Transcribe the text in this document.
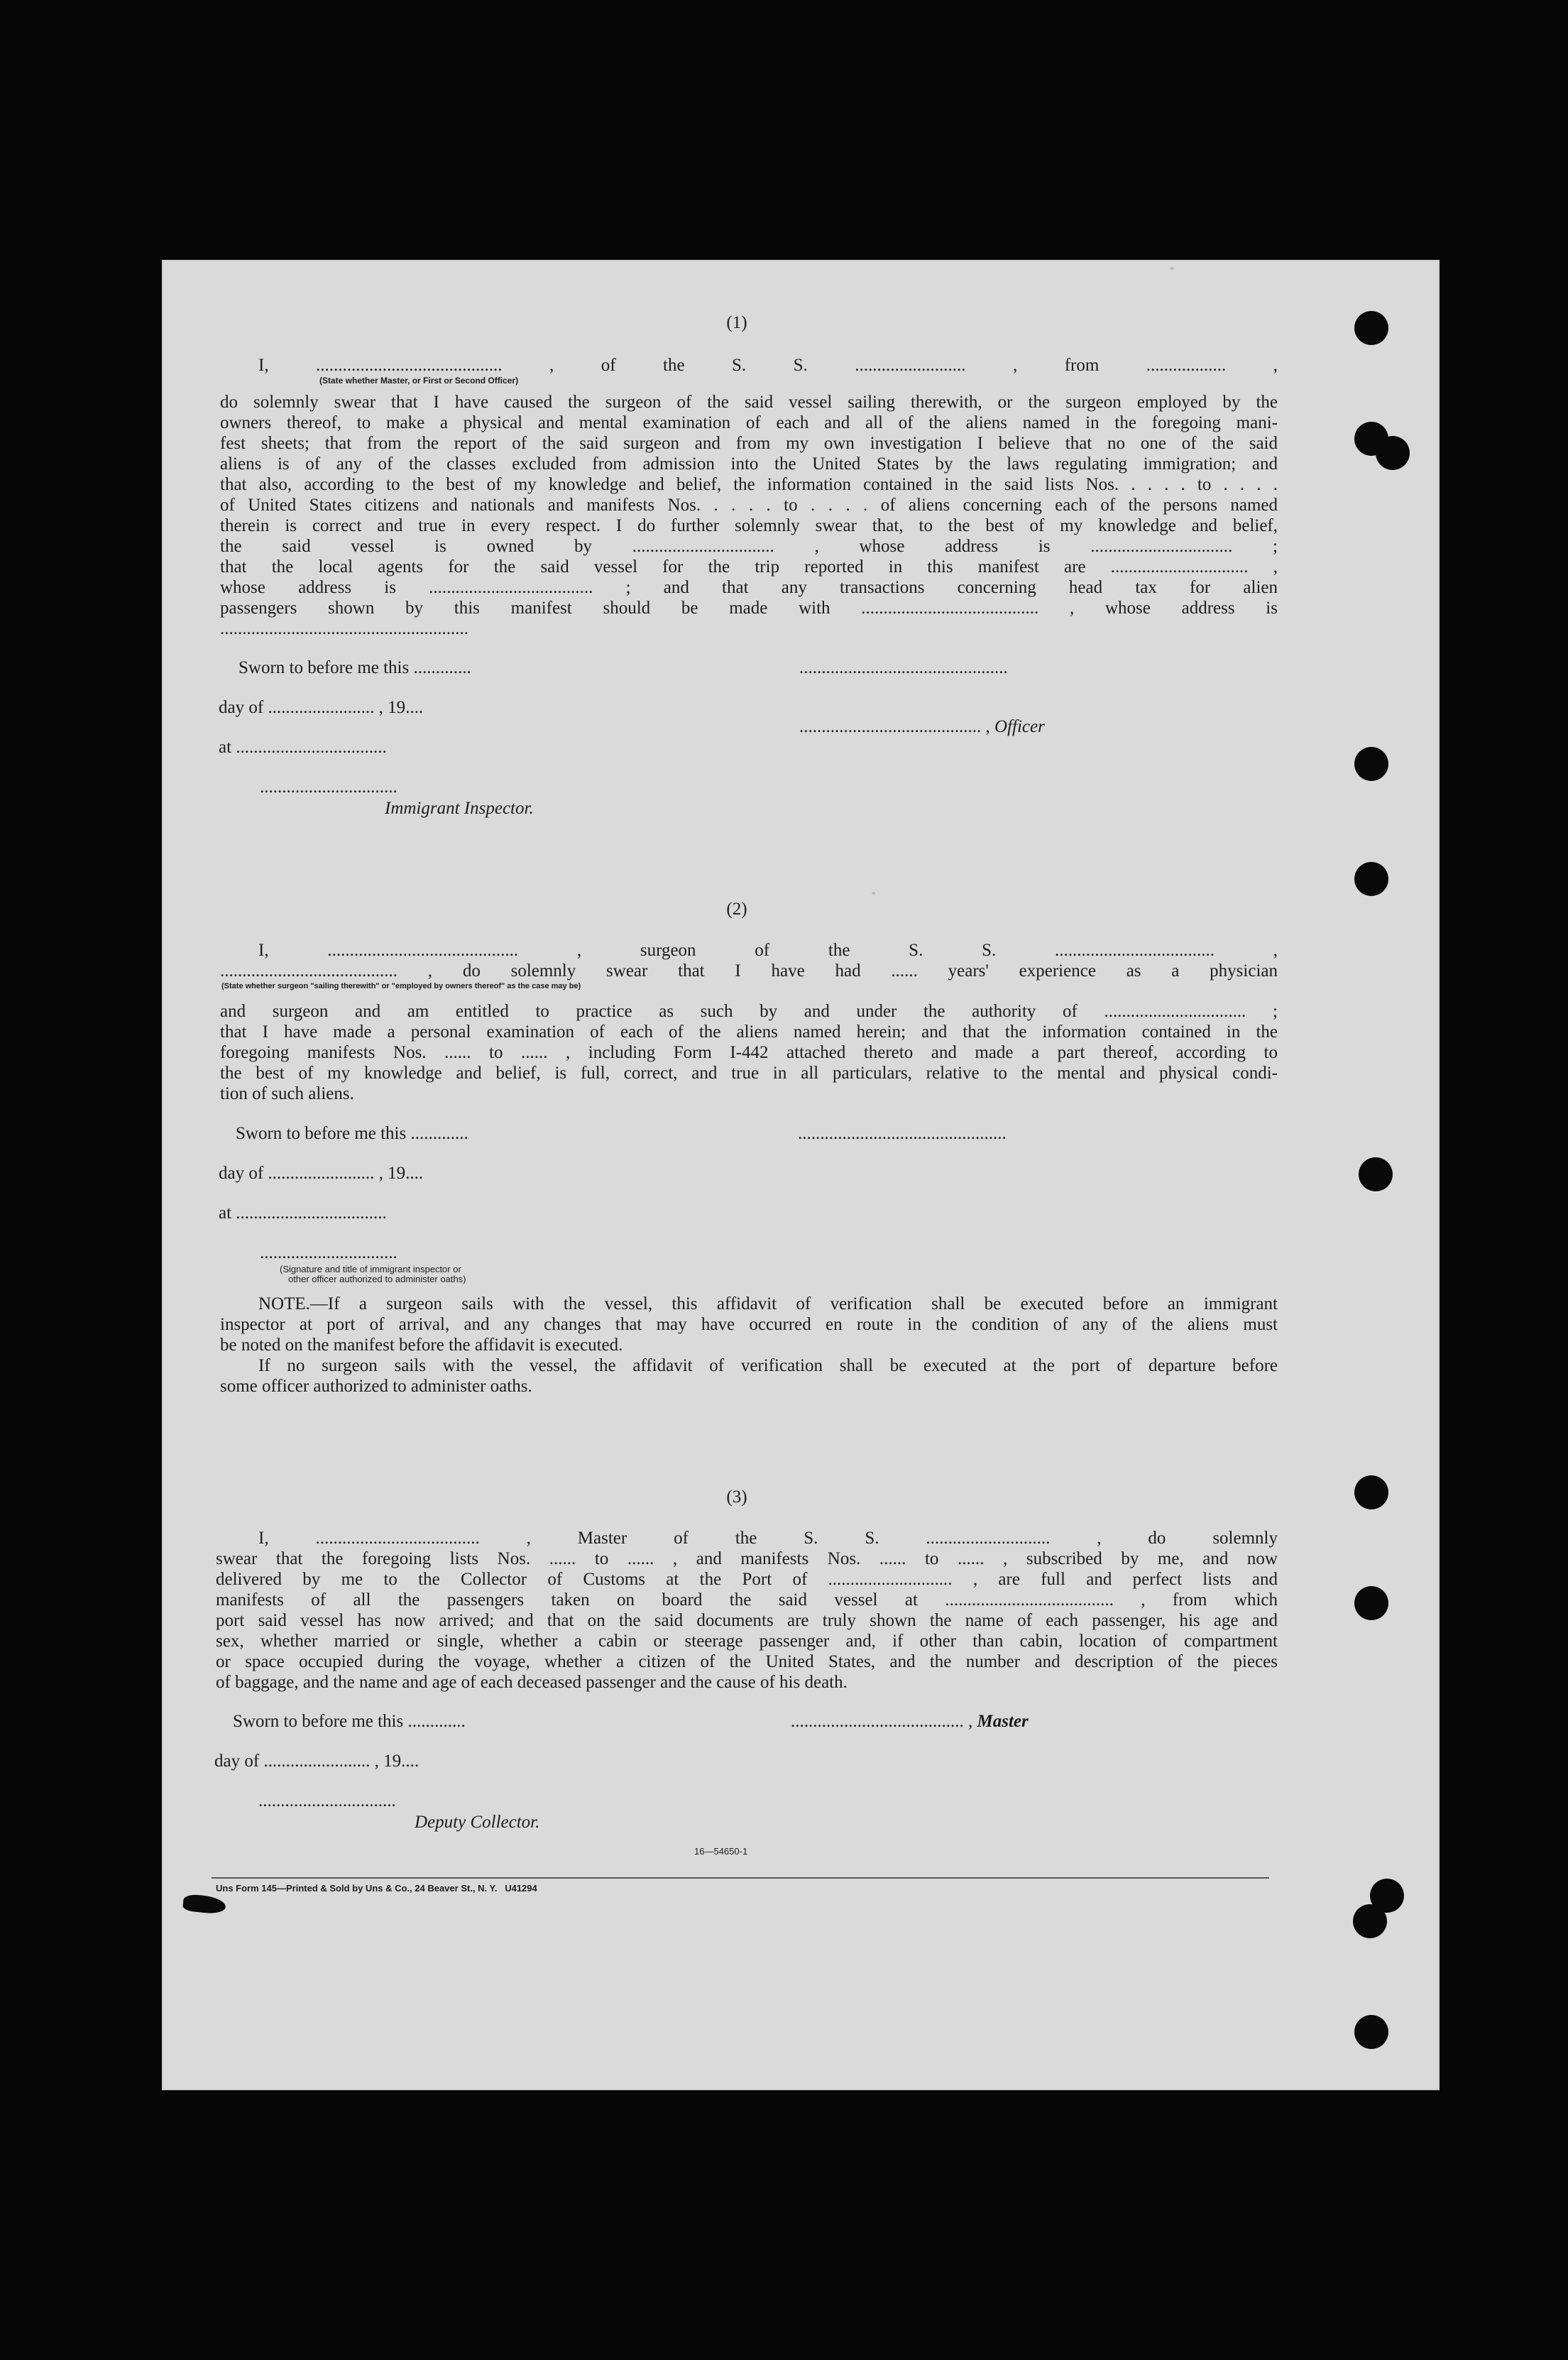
(1)
I, .......................................... , of the S. S. ......................... , from .................. ,
(State whether Master, or First or Second Officer)
do solemnly swear that I have caused the surgeon of the said vessel sailing therewith, or the surgeon employed by the
owners thereof, to make a physical and mental examination of each and all of the aliens named in the foregoing mani-
fest sheets; that from the report of the said surgeon and from my own investigation I believe that no one of the said
aliens is of any of the classes excluded from admission into the United States by the laws regulating immigration; and
that also, according to the best of my knowledge and belief, the information contained in the said lists Nos. . . . . to . . . .
of United States citizens and nationals and manifests Nos. . . . . to . . . . of aliens concerning each of the persons named
therein is correct and true in every respect. I do further solemnly swear that, to the best of my knowledge and belief,
the said vessel is owned by ................................ , whose address is ................................ ;
that the local agents for the said vessel for the trip reported in this manifest are ............................... ,
whose address is ..................................... ; and that any transactions concerning head tax for alien
passengers shown by this manifest should be made with ........................................ , whose address is
........................................................
Sworn to before me this .............	...............................................
day of ........................ , 19....
......................................... , Officer
at ..................................
...............................
Immigrant Inspector.
(2)
I, ........................................... , surgeon of the S. S. .................................... ,
........................................ , do solemnly swear that I have had ...... years' experience as a physician
(State whether surgeon "sailing therewith" or "employed by owners thereof" as the case may be)
and surgeon and am entitled to practice as such by and under the authority of ................................ ;
that I have made a personal examination of each of the aliens named herein; and that the information contained in the
foregoing manifests Nos. ...... to ...... , including Form I-442 attached thereto and made a part thereof, according to
the best of my knowledge and belief, is full, correct, and true in all particulars, relative to the mental and physical condi-
tion of such aliens.
Sworn to before me this .............	...............................................
day of ........................ , 19....
at ..................................
...............................
(Signature and title of immigrant inspector or
other officer authorized to administer oaths)
NOTE.—If a surgeon sails with the vessel, this affidavit of verification shall be executed before an immigrant
inspector at port of arrival, and any changes that may have occurred en route in the condition of any of the aliens must
be noted on the manifest before the affidavit is executed.
If no surgeon sails with the vessel, the affidavit of verification shall be executed at the port of departure before
some officer authorized to administer oaths.
(3)
I, ..................................... , Master of the S. S. ............................ , do solemnly
swear that the foregoing lists Nos. ...... to ...... , and manifests Nos. ...... to ...... , subscribed by me, and now
delivered by me to the Collector of Customs at the Port of ............................ , are full and perfect lists and
manifests of all the passengers taken on board the said vessel at ...................................... , from which
port said vessel has now arrived; and that on the said documents are truly shown the name of each passenger, his age and
sex, whether married or single, whether a cabin or steerage passenger and, if other than cabin, location of compartment
or space occupied during the voyage, whether a citizen of the United States, and the number and description of the pieces
of baggage, and the name and age of each deceased passenger and the cause of his death.
Sworn to before me this .............	....................................... , Master
day of ........................ , 19....
...............................
Deputy Collector.
16—54650-1
Uns Form 145—Printed & Sold by Uns & Co., 24 Beaver St., N. Y.   U41294
